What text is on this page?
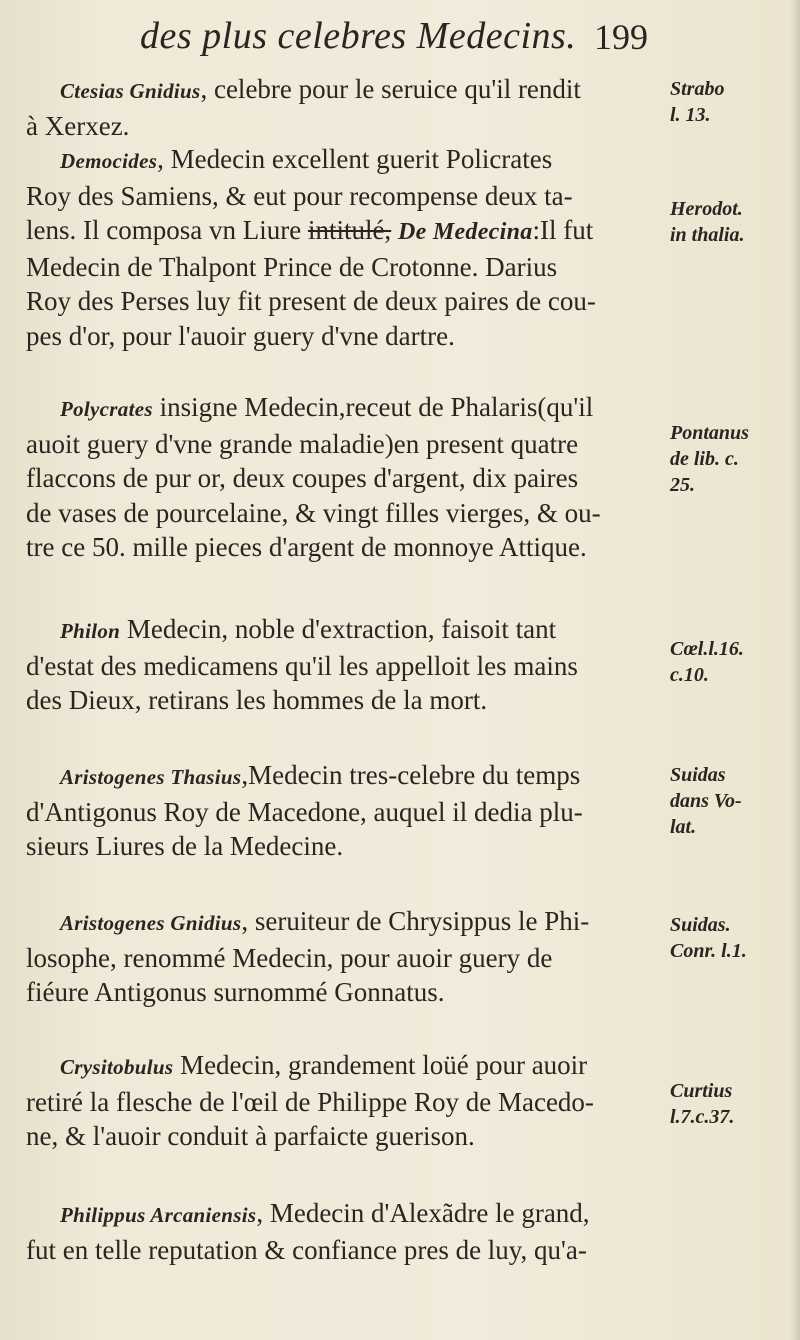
des plus celebres Medecins. 199
Ctesias Gnidius, celebre pour le seruice qu'il rendit
à Xerxez.
Democides, Medecin excellent guerit Policrates
Roy des Samiens, & eut pour recompense deux ta-
lens. Il composa vn Liure intitulé, De Medecina:Il fut
Medecin de Thalpont Prince de Crotonne. Darius
Roy des Perses luy fit present de deux paires de cou-
pes d'or, pour l'auoir guery d'vne dartre.
Polycrates insigne Medecin,receut de Phalaris(qu'il
auoit guery d'vne grande maladie)en present quatre
flaccons de pur or, deux coupes d'argent, dix paires
de vases de pourcelaine, & vingt filles vierges, & ou-
tre ce 50. mille pieces d'argent de monnoye Attique.
Philon Medecin, noble d'extraction, faisoit tant
d'estat des medicamens qu'il les appelloit les mains
des Dieux, retirans les hommes de la mort.
Aristogenes Thasius,Medecin tres-celebre du temps
d'Antigonus Roy de Macedone, auquel il dedia plu-
sieurs Liures de la Medecine.
Aristogenes Gnidius, seruiteur de Chrysippus le Phi-
losophe, renommé Medecin, pour auoir guery de
fiéure Antigonus surnommé Gonnatus.
Crysitobulus Medecin, grandement loüé pour auoir
retiré la flesche de l'œil de Philippe Roy de Macedo-
ne, & l'auoir conduit à parfaicte guerison.
Philippus Arcaniensis, Medecin d'Alexãdre le grand,
fut en telle reputation & confiance pres de luy, qu'a-
Strabo
l. 13.
Herodot.
in thalia.
Pontanus
de lib. c.
25.
Cœl.l.16.
c.10.
Suidas
dans Vo-
lat.
Suidas.
Conr. l.1.
Curtius
l.7.c.37.
